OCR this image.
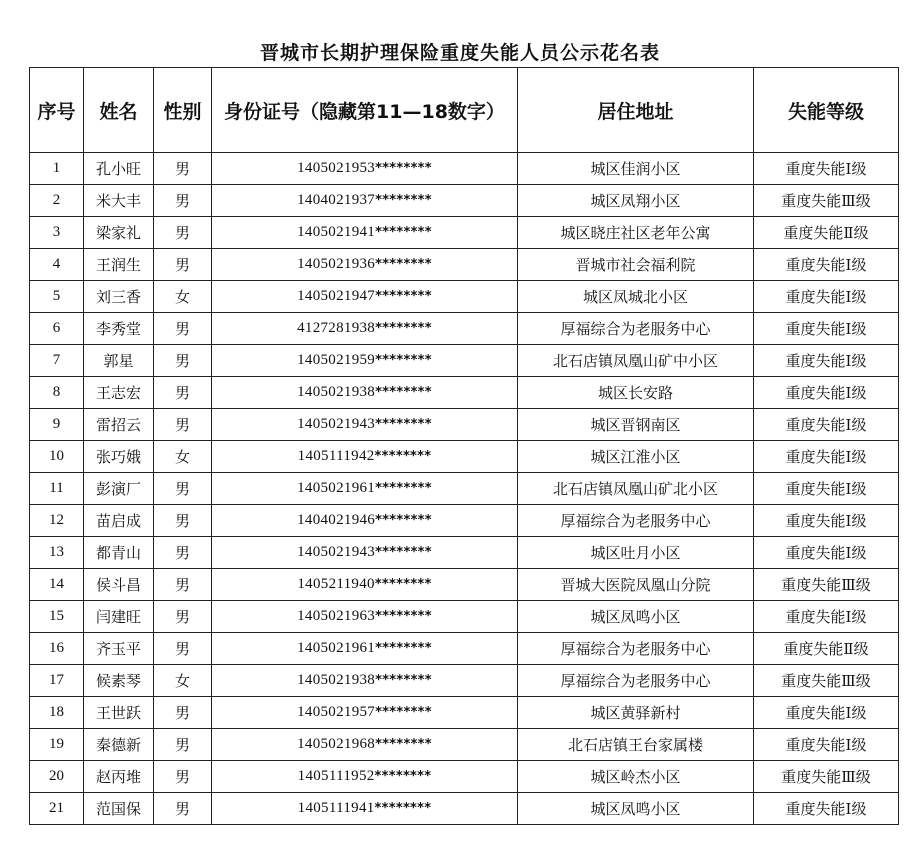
晋城市长期护理保险重度失能人员公示花名表
序号	姓名	性别	身份证号（隐藏第11—18数字）	居住地址	失能等级
1	孔小旺	男	1405021953********	城区佳润小区	重度失能Ⅰ级
2	米大丰	男	1404021937********	城区凤翔小区	重度失能Ⅲ级
3	梁家礼	男	1405021941********	城区晓庄社区老年公寓	重度失能Ⅱ级
4	王润生	男	1405021936********	晋城市社会福利院	重度失能Ⅰ级
5	刘三香	女	1405021947********	城区凤城北小区	重度失能Ⅰ级
6	李秀堂	男	4127281938********	厚福综合为老服务中心	重度失能Ⅰ级
7	郭星	男	1405021959********	北石店镇凤凰山矿中小区	重度失能Ⅰ级
8	王志宏	男	1405021938********	城区长安路	重度失能Ⅰ级
9	雷招云	男	1405021943********	城区晋钢南区	重度失能Ⅰ级
10	张巧娥	女	1405111942********	城区江淮小区	重度失能Ⅰ级
11	彭演厂	男	1405021961********	北石店镇凤凰山矿北小区	重度失能Ⅰ级
12	苗启成	男	1404021946********	厚福综合为老服务中心	重度失能Ⅰ级
13	都青山	男	1405021943********	城区吐月小区	重度失能Ⅰ级
14	侯斗昌	男	1405211940********	晋城大医院凤凰山分院	重度失能Ⅲ级
15	闫建旺	男	1405021963********	城区凤鸣小区	重度失能Ⅰ级
16	齐玉平	男	1405021961********	厚福综合为老服务中心	重度失能Ⅱ级
17	候素琴	女	1405021938********	厚福综合为老服务中心	重度失能Ⅲ级
18	王世跃	男	1405021957********	城区黄驿新村	重度失能Ⅰ级
19	秦德新	男	1405021968********	北石店镇王台家属楼	重度失能Ⅰ级
20	赵丙堆	男	1405111952********	城区岭杰小区	重度失能Ⅲ级
21	范国保	男	1405111941********	城区凤鸣小区	重度失能Ⅰ级
